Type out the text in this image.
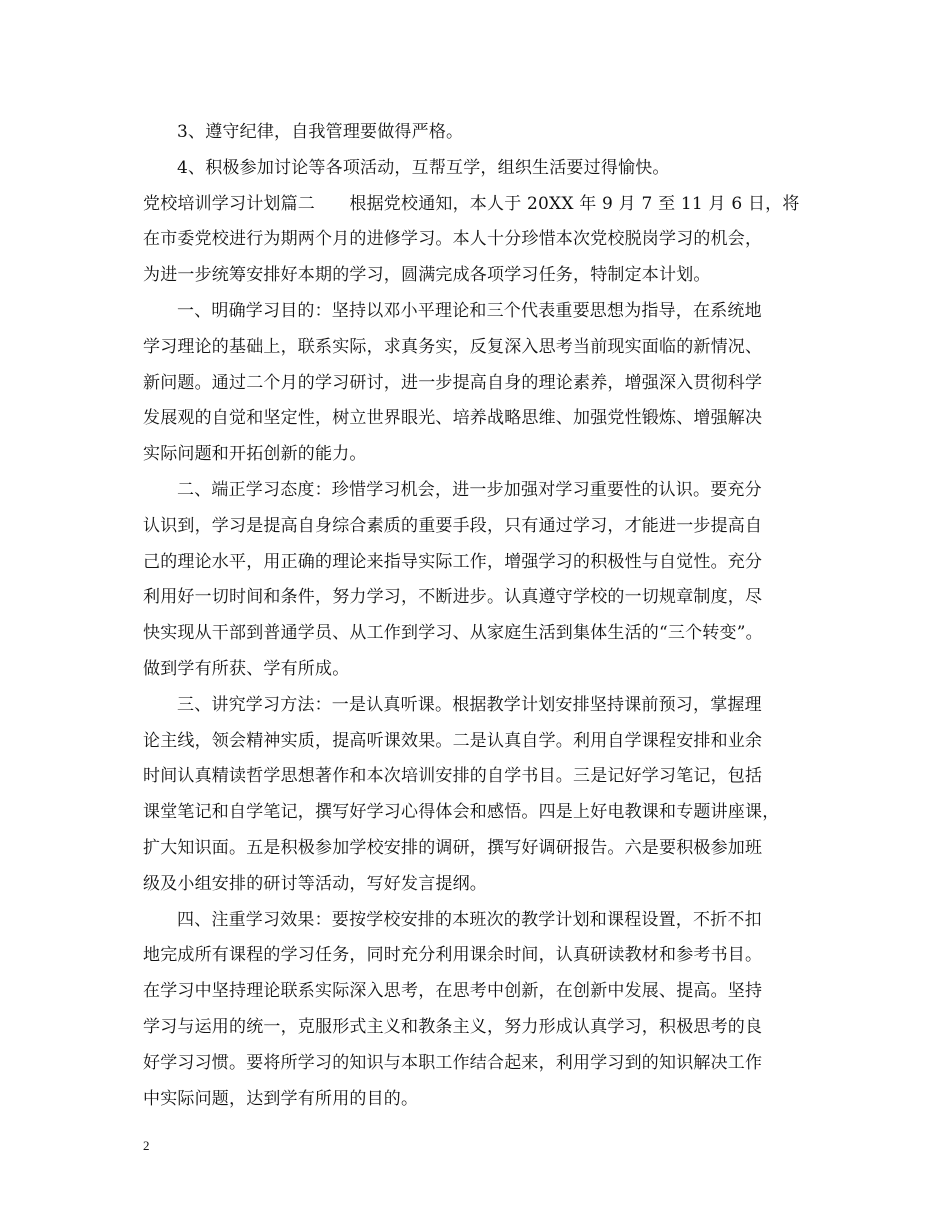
3、遵守纪律，自我管理要做得严格。
4、积极参加讨论等各项活动，互帮互学，组织生活要过得愉快。
党校培训学习计划篇二　　根据党校通知，本人于 20XX 年 9 月 7 至 11 月 6 日，将
在市委党校进行为期两个月的进修学习。本人十分珍惜本次党校脱岗学习的机会，
为进一步统筹安排好本期的学习，圆满完成各项学习任务，特制定本计划。
一、明确学习目的：坚持以邓小平理论和三个代表重要思想为指导，在系统地
学习理论的基础上，联系实际，求真务实，反复深入思考当前现实面临的新情况、
新问题。通过二个月的学习研讨，进一步提高自身的理论素养，增强深入贯彻科学
发展观的自觉和坚定性，树立世界眼光、培养战略思维、加强党性锻炼、增强解决
实际问题和开拓创新的能力。
二、端正学习态度：珍惜学习机会，进一步加强对学习重要性的认识。要充分
认识到，学习是提高自身综合素质的重要手段，只有通过学习，才能进一步提高自
己的理论水平，用正确的理论来指导实际工作，增强学习的积极性与自觉性。充分
利用好一切时间和条件，努力学习，不断进步。认真遵守学校的一切规章制度，尽
快实现从干部到普通学员、从工作到学习、从家庭生活到集体生活的“三个转变”。
做到学有所获、学有所成。
三、讲究学习方法：一是认真听课。根据教学计划安排坚持课前预习，掌握理
论主线，领会精神实质，提高听课效果。二是认真自学。利用自学课程安排和业余
时间认真精读哲学思想著作和本次培训安排的自学书目。三是记好学习笔记，包括
课堂笔记和自学笔记，撰写好学习心得体会和感悟。四是上好电教课和专题讲座课，
扩大知识面。五是积极参加学校安排的调研，撰写好调研报告。六是要积极参加班
级及小组安排的研讨等活动，写好发言提纲。
四、注重学习效果：要按学校安排的本班次的教学计划和课程设置，不折不扣
地完成所有课程的学习任务，同时充分利用课余时间，认真研读教材和参考书目。
在学习中坚持理论联系实际深入思考，在思考中创新，在创新中发展、提高。坚持
学习与运用的统一，克服形式主义和教条主义，努力形成认真学习，积极思考的良
好学习习惯。要将所学习的知识与本职工作结合起来，利用学习到的知识解决工作
中实际问题，达到学有所用的目的。
2
